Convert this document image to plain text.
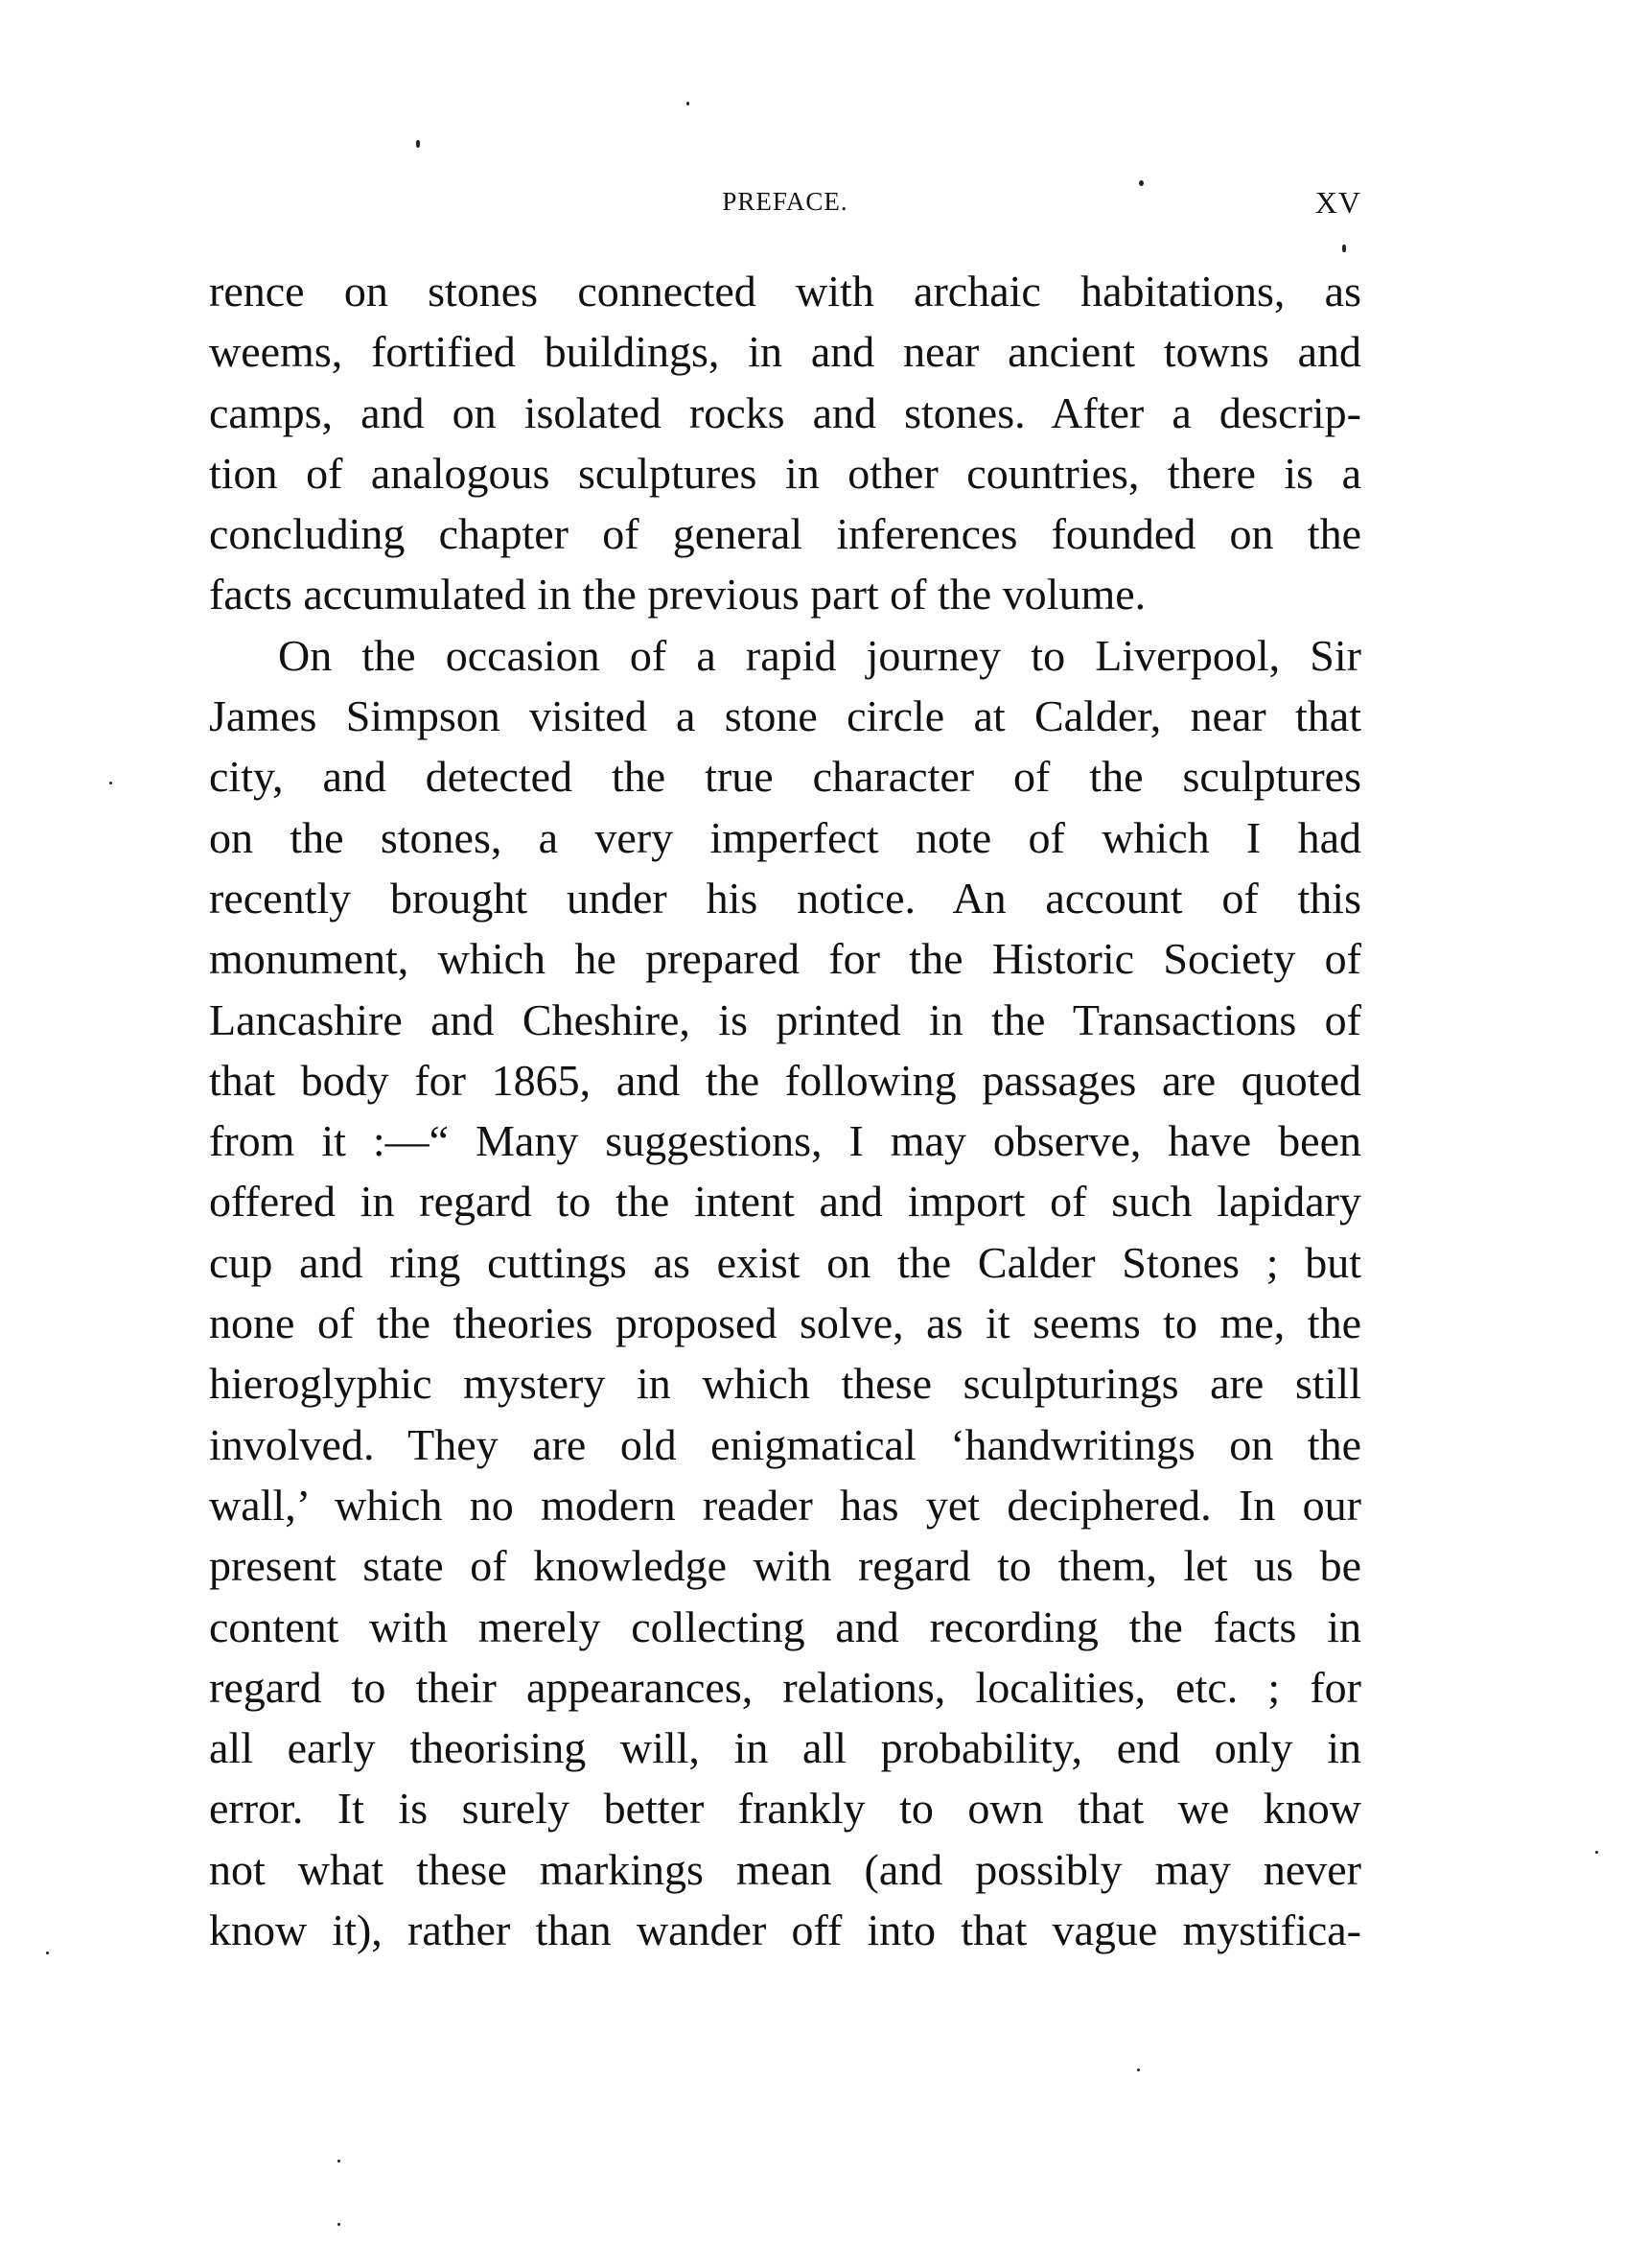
PREFACE.	XV
rence on stones connected with archaic habitations, as
weems, fortified buildings, in and near ancient towns and
camps, and on isolated rocks and stones. After a descrip-
tion of analogous sculptures in other countries, there is a
concluding chapter of general inferences founded on the
facts accumulated in the previous part of the volume.
On the occasion of a rapid journey to Liverpool, Sir
James Simpson visited a stone circle at Calder, near that
city, and detected the true character of the sculptures
on the stones, a very imperfect note of which I had
recently brought under his notice. An account of this
monument, which he prepared for the Historic Society of
Lancashire and Cheshire, is printed in the Transactions of
that body for 1865, and the following passages are quoted
from it :—“ Many suggestions, I may observe, have been
offered in regard to the intent and import of such lapidary
cup and ring cuttings as exist on the Calder Stones ; but
none of the theories proposed solve, as it seems to me, the
hieroglyphic mystery in which these sculpturings are still
involved. They are old enigmatical ‘handwritings on the
wall,’ which no modern reader has yet deciphered. In our
present state of knowledge with regard to them, let us be
content with merely collecting and recording the facts in
regard to their appearances, relations, localities, etc. ; for
all early theorising will, in all probability, end only in
error. It is surely better frankly to own that we know
not what these markings mean (and possibly may never
know it), rather than wander off into that vague mystifica-
